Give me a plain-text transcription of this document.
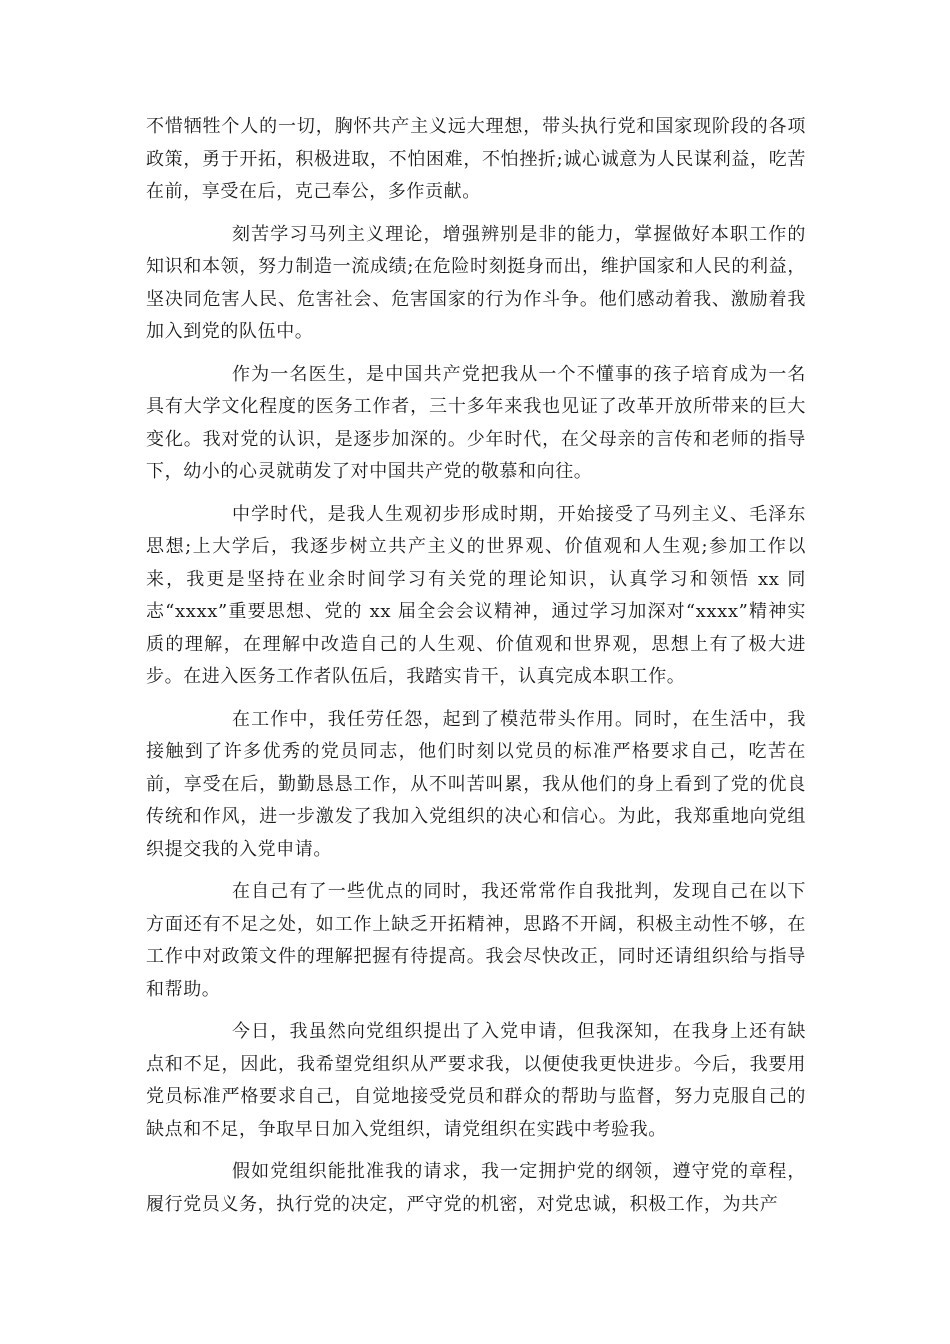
不惜牺牲个人的一切，胸怀共产主义远大理想，带头执行党和国家现阶段的各项政策，勇于开拓，积极进取，不怕困难，不怕挫折;诚心诚意为人民谋利益，吃苦在前，享受在后，克己奉公，多作贡献。

刻苦学习马列主义理论，增强辨别是非的能力，掌握做好本职工作的知识和本领，努力制造一流成绩;在危险时刻挺身而出，维护国家和人民的利益，坚决同危害人民、危害社会、危害国家的行为作斗争。他们感动着我、激励着我加入到党的队伍中。

作为一名医生，是中国共产党把我从一个不懂事的孩子培育成为一名具有大学文化程度的医务工作者，三十多年来我也见证了改革开放所带来的巨大变化。我对党的认识，是逐步加深的。少年时代，在父母亲的言传和老师的指导下，幼小的心灵就萌发了对中国共产党的敬慕和向往。

中学时代，是我人生观初步形成时期，开始接受了马列主义、毛泽东思想;上大学后，我逐步树立共产主义的世界观、价值观和人生观;参加工作以来，我更是坚持在业余时间学习有关党的理论知识，认真学习和领悟 xx 同志“xxxx”重要思想、党的 xx 届全会会议精神，通过学习加深对“xxxx”精神实质的理解，在理解中改造自己的人生观、价值观和世界观，思想上有了极大进步。在进入医务工作者队伍后，我踏实肯干，认真完成本职工作。

在工作中，我任劳任怨，起到了模范带头作用。同时，在生活中，我接触到了许多优秀的党员同志，他们时刻以党员的标准严格要求自己，吃苦在前，享受在后，勤勤恳恳工作，从不叫苦叫累，我从他们的身上看到了党的优良传统和作风，进一步激发了我加入党组织的决心和信心。为此，我郑重地向党组织提交我的入党申请。

在自己有了一些优点的同时，我还常常作自我批判，发现自己在以下方面还有不足之处，如工作上缺乏开拓精神，思路不开阔，积极主动性不够，在工作中对政策文件的理解把握有待提高。我会尽快改正，同时还请组织给与指导和帮助。

今日，我虽然向党组织提出了入党申请，但我深知，在我身上还有缺点和不足，因此，我希望党组织从严要求我，以便使我更快进步。今后，我要用党员标准严格要求自己，自觉地接受党员和群众的帮助与监督，努力克服自己的缺点和不足，争取早日加入党组织，请党组织在实践中考验我。

假如党组织能批准我的请求，我一定拥护党的纲领，遵守党的章程，履行党员义务，执行党的决定，严守党的机密，对党忠诚，积极工作，为共产
